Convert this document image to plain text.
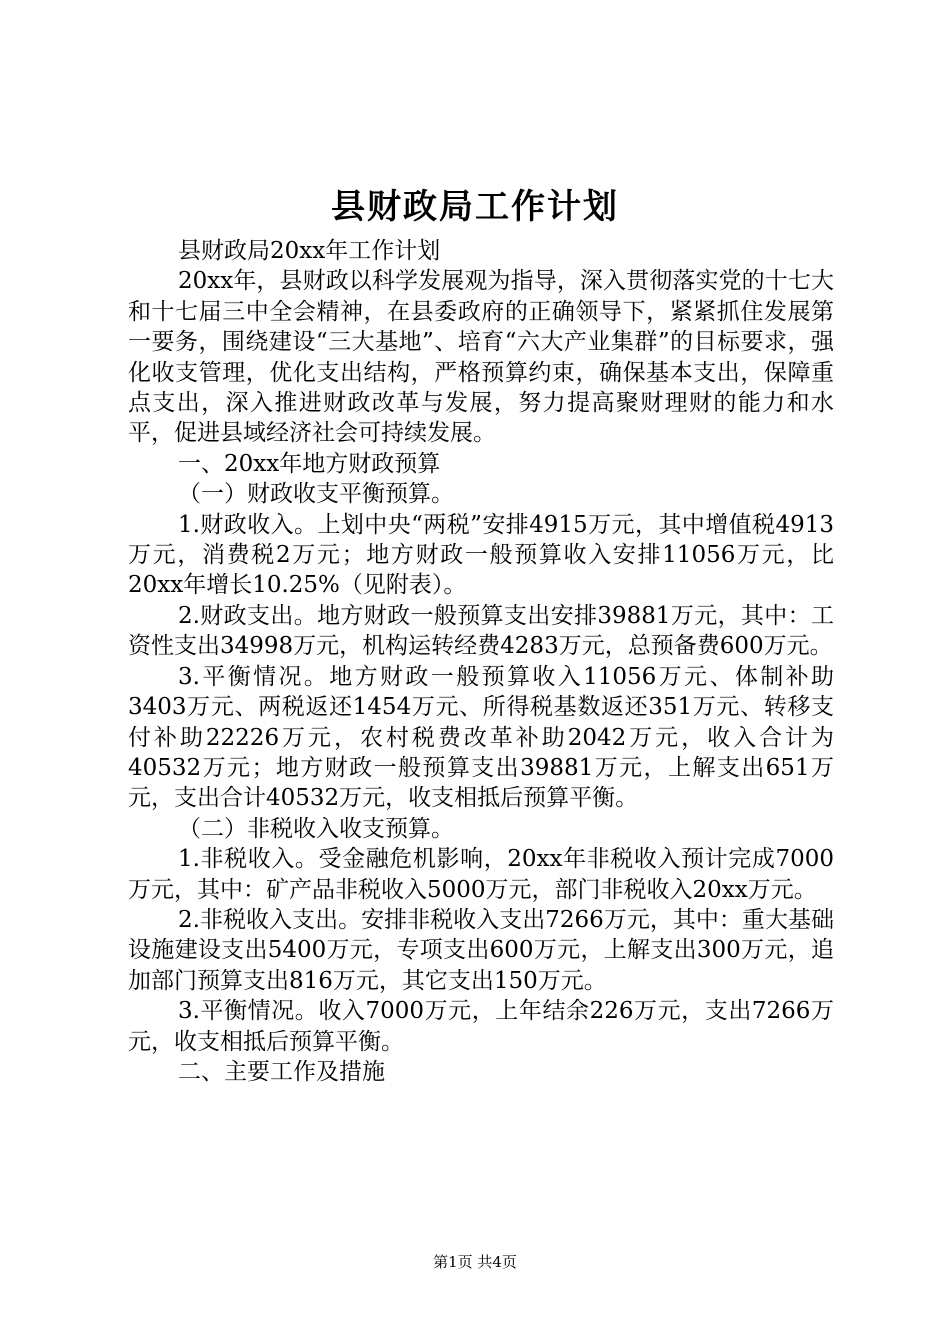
县财政局工作计划

县财政局20xx年工作计划

20xx年，县财政以科学发展观为指导，深入贯彻落实党的十七大和十七届三中全会精神，在县委政府的正确领导下，紧紧抓住发展第一要务，围绕建设“三大基地”、培育“六大产业集群”的目标要求，强化收支管理，优化支出结构，严格预算约束，确保基本支出，保障重点支出，深入推进财政改革与发展，努力提高聚财理财的能力和水平，促进县域经济社会可持续发展。

一、20xx年地方财政预算

（一）财政收支平衡预算。

1.财政收入。上划中央“两税”安排4915万元，其中增值税4913万元，消费税2万元；地方财政一般预算收入安排11056万元，比20xx年增长10.25%（见附表）。

2.财政支出。地方财政一般预算支出安排39881万元，其中：工资性支出34998万元，机构运转经费4283万元，总预备费600万元。

3.平衡情况。地方财政一般预算收入11056万元、体制补助3403万元、两税返还1454万元、所得税基数返还351万元、转移支付补助22226万元，农村税费改革补助2042万元，收入合计为40532万元；地方财政一般预算支出39881万元，上解支出651万元，支出合计40532万元，收支相抵后预算平衡。

（二）非税收入收支预算。

1.非税收入。受金融危机影响，20xx年非税收入预计完成7000万元，其中：矿产品非税收入5000万元，部门非税收入20xx万元。

2.非税收入支出。安排非税收入支出7266万元，其中：重大基础设施建设支出5400万元，专项支出600万元，上解支出300万元，追加部门预算支出816万元，其它支出150万元。

3.平衡情况。收入7000万元，上年结余226万元，支出7266万元，收支相抵后预算平衡。

二、主要工作及措施

第1页 共4页
